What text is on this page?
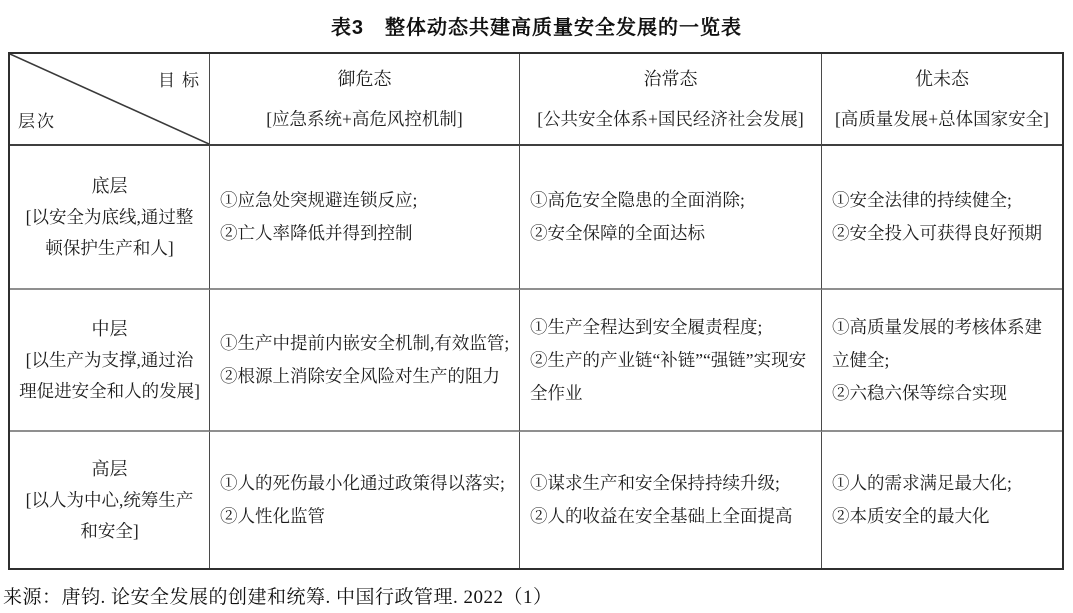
表3　整体动态共建高质量安全发展的一览表
目标
层次
御危态
[应急系统+高危风控机制]
治常态
[公共安全体系+国民经济社会发展]
优未态
[高质量发展+总体国家安全]
底层
[以安全为底线,通过整顿保护生产和人]
①应急处突规避连锁反应;
②亡人率降低并得到控制
①高危安全隐患的全面消除;
②安全保障的全面达标
①安全法律的持续健全;
②安全投入可获得良好预期
中层
[以生产为支撑,通过治理促进安全和人的发展]
①生产中提前内嵌安全机制,有效监管;
②根源上消除安全风险对生产的阻力
①生产全程达到安全履责程度;
②生产的产业链“补链”“强链”实现安全作业
①高质量发展的考核体系建立健全;
②六稳六保等综合实现
高层
[以人为中心,统筹生产和安全]
①人的死伤最小化通过政策得以落实;
②人性化监管
①谋求生产和安全保持持续升级;
②人的收益在安全基础上全面提高
①人的需求满足最大化;
②本质安全的最大化
来源：唐钧. 论安全发展的创建和统筹. 中国行政管理. 2022（1）
